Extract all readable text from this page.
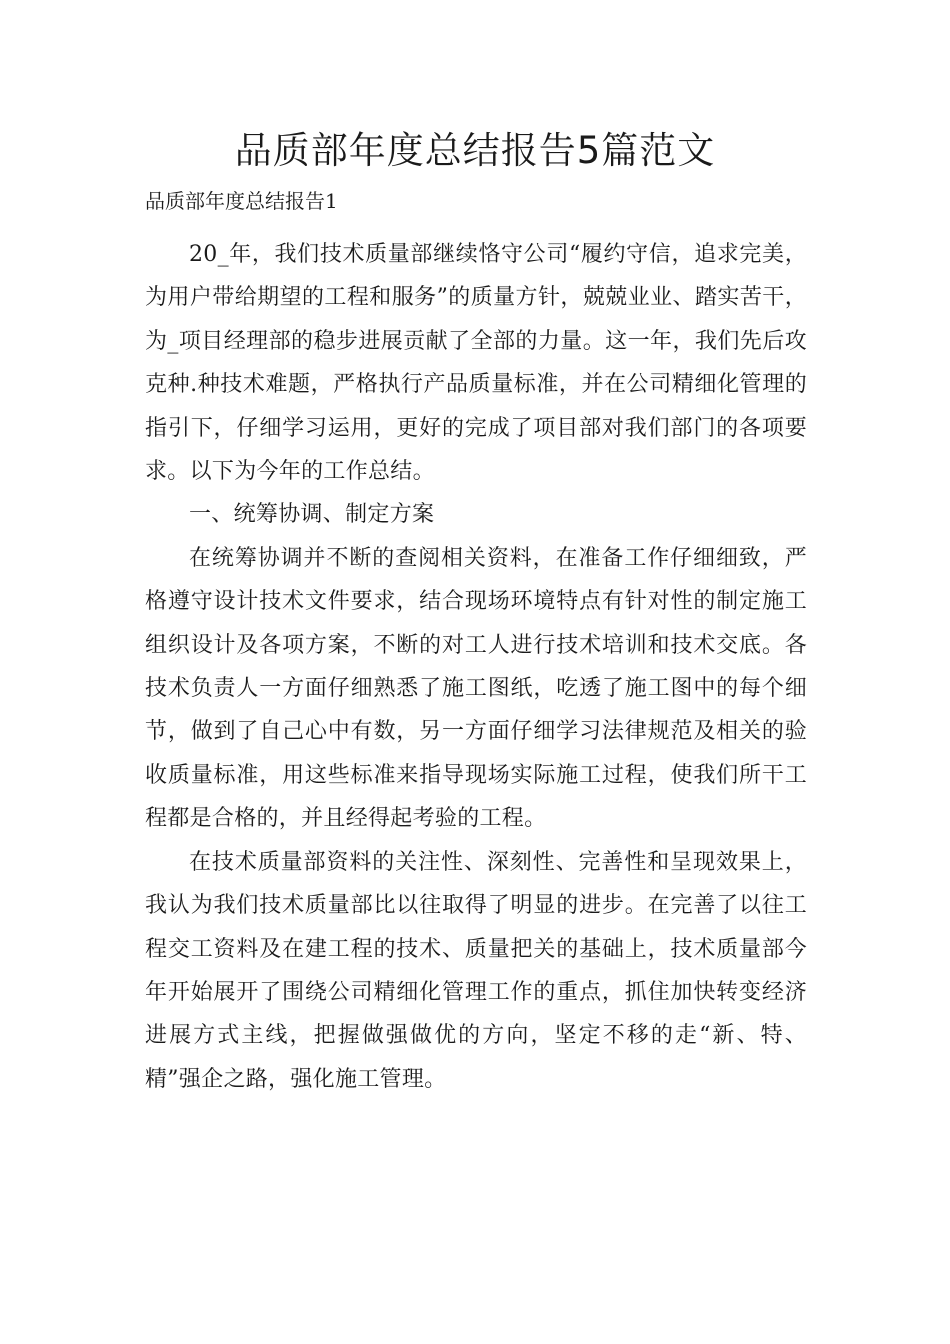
品质部年度总结报告5篇范文
品质部年度总结报告1

20_年，我们技术质量部继续恪守公司“履约守信，追求完美，为用户带给期望的工程和服务”的质量方针，兢兢业业、踏实苦干，为_项目经理部的稳步进展贡献了全部的力量。这一年，我们先后攻克种.种技术难题，严格执行产品质量标准，并在公司精细化管理的指引下，仔细学习运用，更好的完成了项目部对我们部门的各项要求。以下为今年的工作总结。

一、统筹协调、制定方案

在统筹协调并不断的查阅相关资料，在准备工作仔细细致，严格遵守设计技术文件要求，结合现场环境特点有针对性的制定施工组织设计及各项方案，不断的对工人进行技术培训和技术交底。各技术负责人一方面仔细熟悉了施工图纸，吃透了施工图中的每个细节，做到了自己心中有数，另一方面仔细学习法律规范及相关的验收质量标准，用这些标准来指导现场实际施工过程，使我们所干工程都是合格的，并且经得起考验的工程。

在技术质量部资料的关注性、深刻性、完善性和呈现效果上，我认为我们技术质量部比以往取得了明显的进步。在完善了以往工程交工资料及在建工程的技术、质量把关的基础上，技术质量部今年开始展开了围绕公司精细化管理工作的重点，抓住加快转变经济进展方式主线，把握做强做优的方向，坚定不移的走“新、特、精”强企之路，强化施工管理。
